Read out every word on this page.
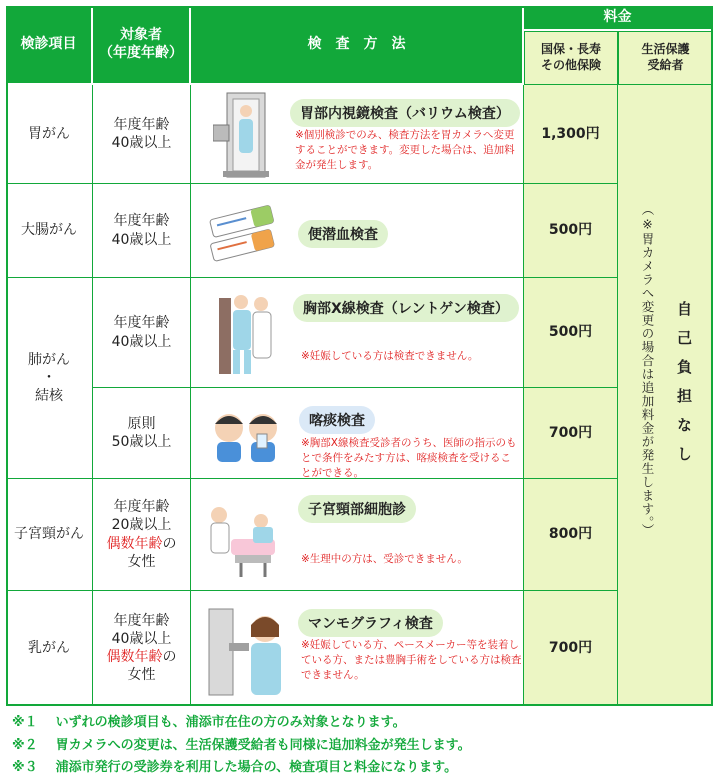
検診項目
対象者
（年度年齢）
検　査　方　法
料金
国保・長寿
その他保険
生活保護
受給者
胃がん
大腸がん
肺がん
・
結核
子宮頸がん
乳がん
年度年齢
40歳以上
年度年齢
40歳以上
年度年齢
40歳以上
原則
50歳以上
年度年齢
20歳以上
偶数年齢の
女性
年度年齢
40歳以上
偶数年齢の
女性
胃部内視鏡検査（バリウム検査）
※個別検診でのみ、検査方法を胃カメラへ変更することができます。変更した場合は、追加料金が発生します。
便潜血検査
胸部X線検査（レントゲン検査）
※妊娠している方は検査できません。
喀痰検査
※胸部X線検査受診者のうち、医師の指示のもとで条件をみたす方は、喀痰検査を受けることができる。
子宮頸部細胞診
※生理中の方は、受診できません。
マンモグラフィ検査
※妊娠している方、ペースメーカー等を装着している方、または豊胸手術をしている方は検査できません。
1,300円
500円
500円
700円
800円
700円
（※胃カメラへ変更の場合は追加料金が発生します。） 自己負担なし
※１ いずれの検診項目も、浦添市在住の方のみ対象となります。
※２ 胃カメラへの変更は、生活保護受給者も同様に追加料金が発生します。
※３ 浦添市発行の受診券を利用した場合の、検査項目と料金になります。
